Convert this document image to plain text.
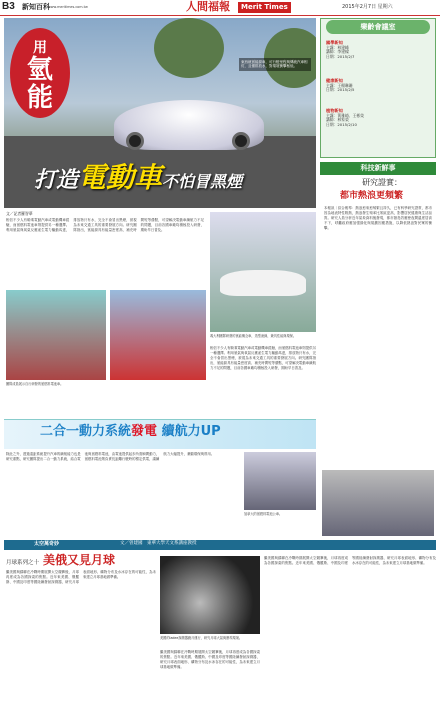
B3 新知百科
www.meritimes.com.tw	人間福報	Merit Times	2015年2月7日 星期六
用
氫
能
東西就氫能源車，可行駛里程與傳統汽車相仿，且僅排放水，對環境衝擊極低。
打造電動車不怕冒黑煙
樂齡會議室
國學新知
主講：林建峰
講師：李建樑
日期：2015/2/7
健康新知
主講：王楊琳珊
日期：2015/2/5
植物新知
主講：黃雅綺、王彬榮
講師：林家榮
日期：2015/2/10
科技新鮮事
研究證實：
都市熱浪更頻繁
本報訊｜綜合報導：熱浪愈來愈頻繁且持久，已有科學研究證實，都市因為地表特性吸熱，熱浪發生頻率比郊區更高，影響居民健康與生活品質。研究人員分析近年氣象資料後發現，都市熱島效應使夜間溫度居高不下，呼籲政府應加強綠化與規劃因應措施，以降低熱浪對民眾的衝擊。
文／記者羅智華
相信不少人有騎乘電動汽車或電動機車經驗，而氫燃料電池車則提供另一種選擇。利用氫氣與氧氣反應產生電力驅動馬達，排放物只有水，完全不會冒出黑煙，被視為未來交通工具的重要發展方向。研究團隊指出，氫能源具有能量密度高、補充時間短等優點，可望解決電動車續航力不足的問題，目前各國車廠均積極投入研發，期盼早日普及。
義大利團隊研發的氫能概念車，造型流線，兼具性能與環保。
團隊成員展示自行研發的氫燃料電池車。
相信不少人有騎乘電動汽車或電動機車經驗，而氫燃料電池車則提供另一種選擇。利用氫氣與氧氣反應產生電力驅動馬達，排放物只有水，完全不會冒出黑煙，被視為未來交通工具的重要發展方向。研究團隊指出，氫能源具有能量密度高、補充時間短等優點，可望解決電動車續航力不足的問題，目前各國車廠均積極投入研發，期盼早日普及。
二合一動力系統發電 續航力UP
除此之外，透過遠距系統提升汽車的續航能力也是研究重點，研究團隊提出二合一動力系統，結合電池與氫燃料電池，由電池提供起步所需瞬間動力，氫燃料電池則負責長距離行駛時的穩定供電，讓續航力大幅提升，兼顧環保與實用。
加拿大的氫燃料電池公車。
太空萬奇妙	文／曾建國　東華大學天文系講座教授
月球系列之十 美俄又見月球
繼美國與蘇聯在冷戰時期展開太空競賽後，月球再度成為各國探索的焦點。近年來美國、俄羅斯、中國及印度等國陸續發射探測器，研究月球表面地形、礦物分布及水冰存在的可能性，為未來建立月球基地做準備。
美國的ladee探測器繞月運行，研究月球大氣與塵埃環境。
繼美國與蘇聯在冷戰時期展開太空競賽後，月球再度成為各國探索的焦點。近年來美國、俄羅斯、中國及印度等國陸續發射探測器，研究月球表面地形、礦物分布及水冰存在的可能性，為未來建立月球基地做準備。
繼美國與蘇聯在冷戰時期展開太空競賽後，月球再度成為各國探索的焦點。近年來美國、俄羅斯、中國及印度等國陸續發射探測器，研究月球表面地形、礦物分布及水冰存在的可能性，為未來建立月球基地做準備。
